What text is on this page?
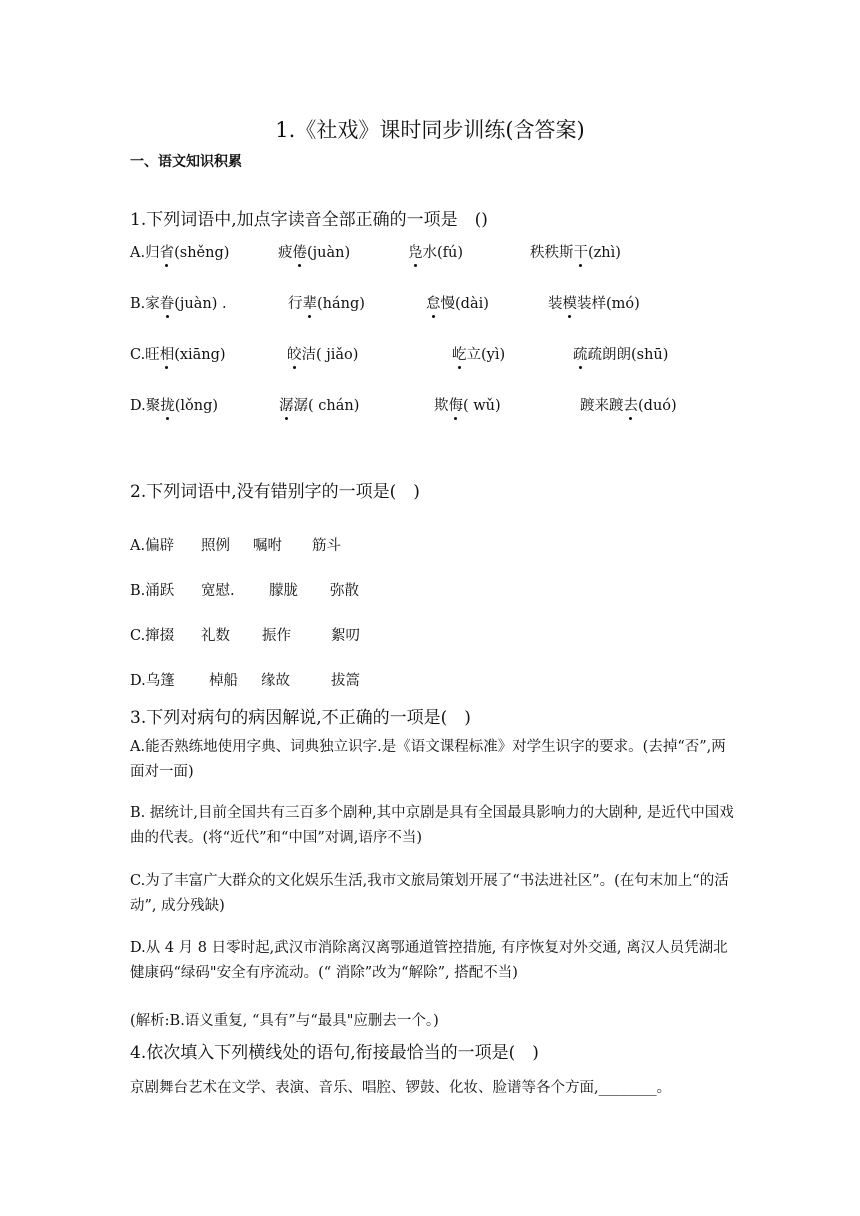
1.《社戏》课时同步训练(含答案)
一、语文知识积累
1.下列词语中,加点字读音全部正确的一项是　()
A.归省(shěng)	疲倦(juàn)	凫水(fú)	秩秩斯干(zhì)
B.家眷(juàn) .	行辈(háng)	怠慢(dài)	装模装样(mó)
C.旺相(xiāng)	皎洁( jiǎo)	屹立(yì)	疏疏朗朗(shū)
D.聚拢(lǒng)	潺潺( chán)	欺侮( wǔ)	踱来踱去(duó)
2.下列词语中,没有错别字的一项是(　)
A.偏辟 照例 嘱咐 筋斗
B.涌跃 宽慰. 朦胧 弥散
C.撺掇 礼数 振作	絮叨
D.乌篷 棹船 缘故	拔篙
3.下列对病句的病因解说,不正确的一项是(　)
A.能否熟练地使用字典、词典独立识字.是《语文课程标准》对学生识字的要求。(去掉“否”,两面对一面)
B. 据统计,目前全国共有三百多个剧种,其中京剧是具有全国最具影响力的大剧种, 是近代中国戏曲的代表。(将“近代”和“中国”对调,语序不当)
C.为了丰富广大群众的文化娱乐生活,我市文旅局策划开展了“书法进社区”。(在句末加上“的活动”, 成分残缺)
D.从 4 月 8 日零时起,武汉市消除离汉离鄂通道管控措施, 有序恢复对外交通, 离汉人员凭湖北健康码“绿码"安全有序流动。(“ 消除”改为“解除”, 搭配不当)
(解析:B.语义重复, “具有”与“最具"应删去一个。)
4.依次填入下列横线处的语句,衔接最恰当的一项是(　)
京剧舞台艺术在文学、表演、音乐、唱腔、锣鼓、化妆、脸谱等各个方面,________。
